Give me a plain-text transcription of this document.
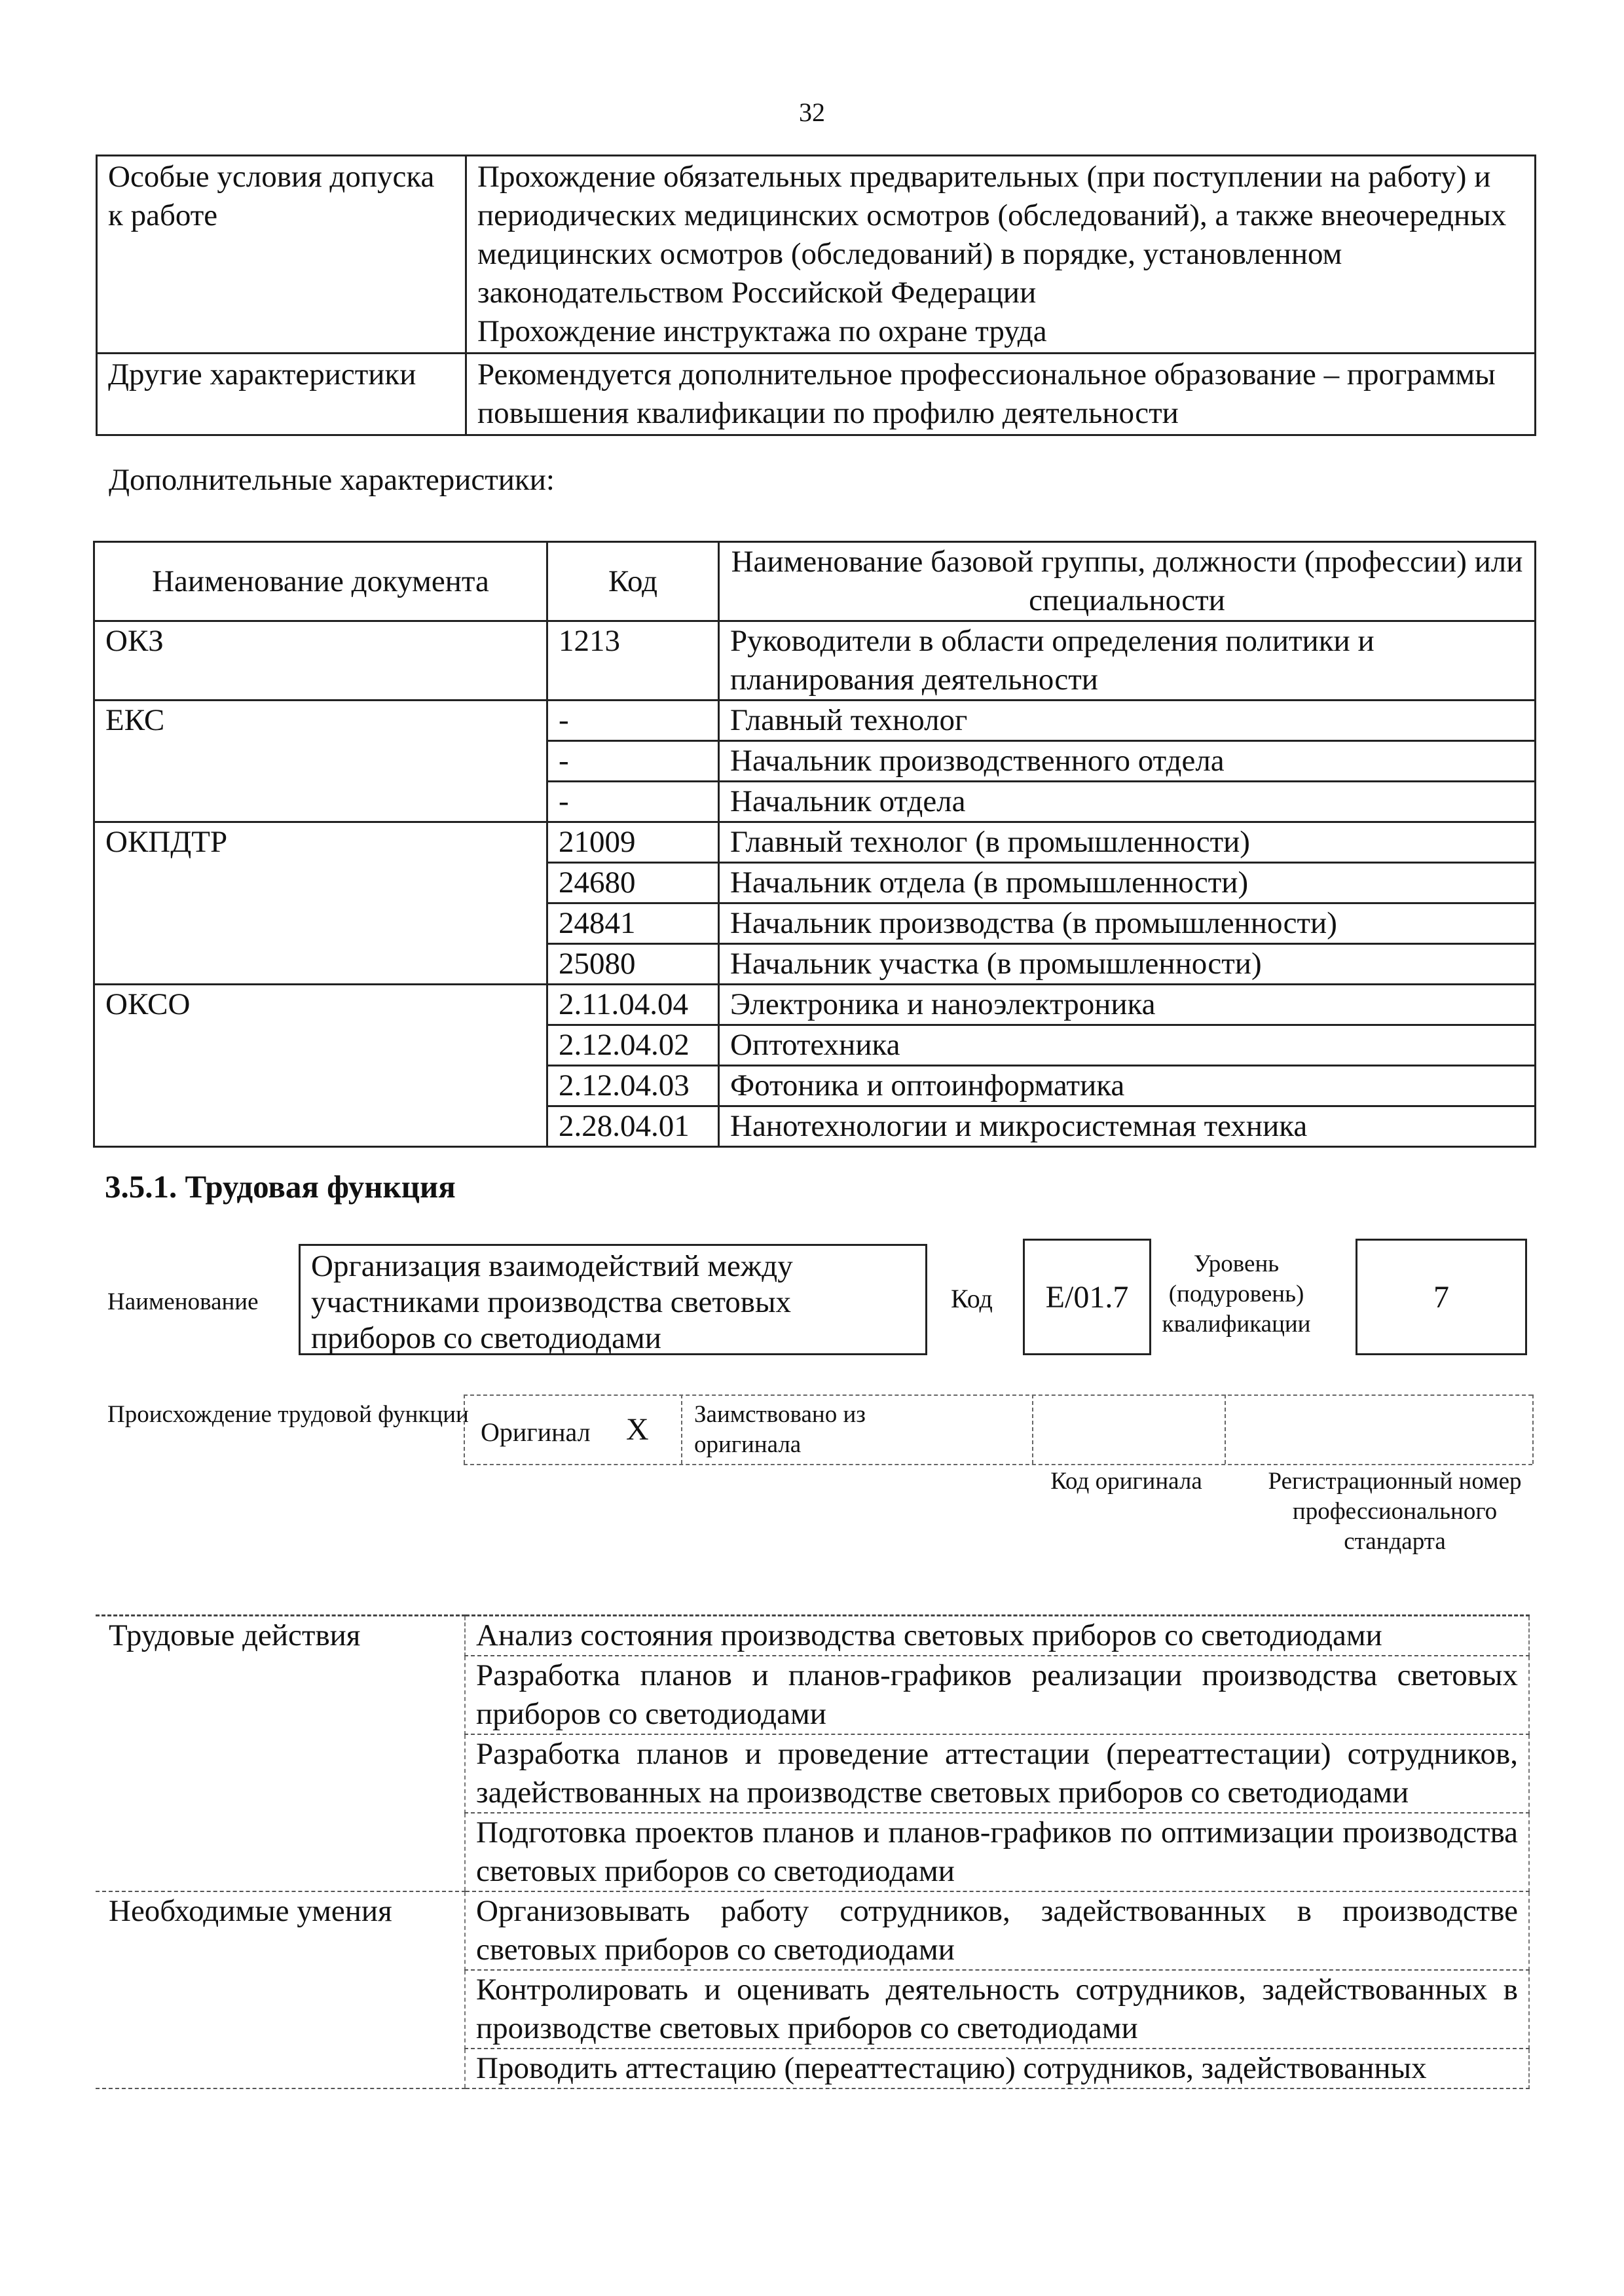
32
Особые условия допуска к работе	Прохождение обязательных предварительных (при поступлении на работу) и периодических медицинских осмотров (обследований), а также внеочередных медицинских осмотров (обследований) в порядке, установленном законодательством Российской Федерации
Прохождение инструктажа по охране труда

Другие характеристики	Рекомендуется дополнительное профессиональное образование – программы повышения квалификации по профилю деятельности
Дополнительные характеристики:
Наименование документа	Код	Наименование базовой группы, должности (профессии) или специальности
ОКЗ	1213	Руководители в области определения политики и планирования деятельности
ЕКС	-	Главный технолог
	-	Начальник производственного отдела
	-	Начальник отдела
ОКПДТР	21009	Главный технолог (в промышленности)
	24680	Начальник отдела (в промышленности)
	24841	Начальник производства (в промышленности)
	25080	Начальник участка (в промышленности)
ОКСО	2.11.04.04	Электроника и наноэлектроника
	2.12.04.02	Оптотехника
	2.12.04.03	Фотоника и оптоинформатика
	2.28.04.01	Нанотехнологии и микросистемная техника
3.5.1. Трудовая функция
Наименование
Организация взаимодействий между участниками производства световых приборов со светодиодами
Код	E/01.7
Уровень (подуровень) квалификации
7
Происхождение трудовой функции
Оригинал X Заимствовано из оригинала
Код оригинала	Регистрационный номер профессионального стандарта
Трудовые действия	Анализ состояния производства световых приборов со светодиодами
	Разработка планов и планов-графиков реализации производства световых приборов со светодиодами
	Разработка планов и проведение аттестации (переаттестации) сотрудников, задействованных на производстве световых приборов со светодиодами
	Подготовка проектов планов и планов-графиков по оптимизации производства световых приборов со светодиодами
Необходимые умения	Организовывать работу сотрудников, задействованных в производстве световых приборов со светодиодами
	Контролировать и оценивать деятельность сотрудников, задействованных в производстве световых приборов со светодиодами
	Проводить аттестацию (переаттестацию) сотрудников, задействованных
